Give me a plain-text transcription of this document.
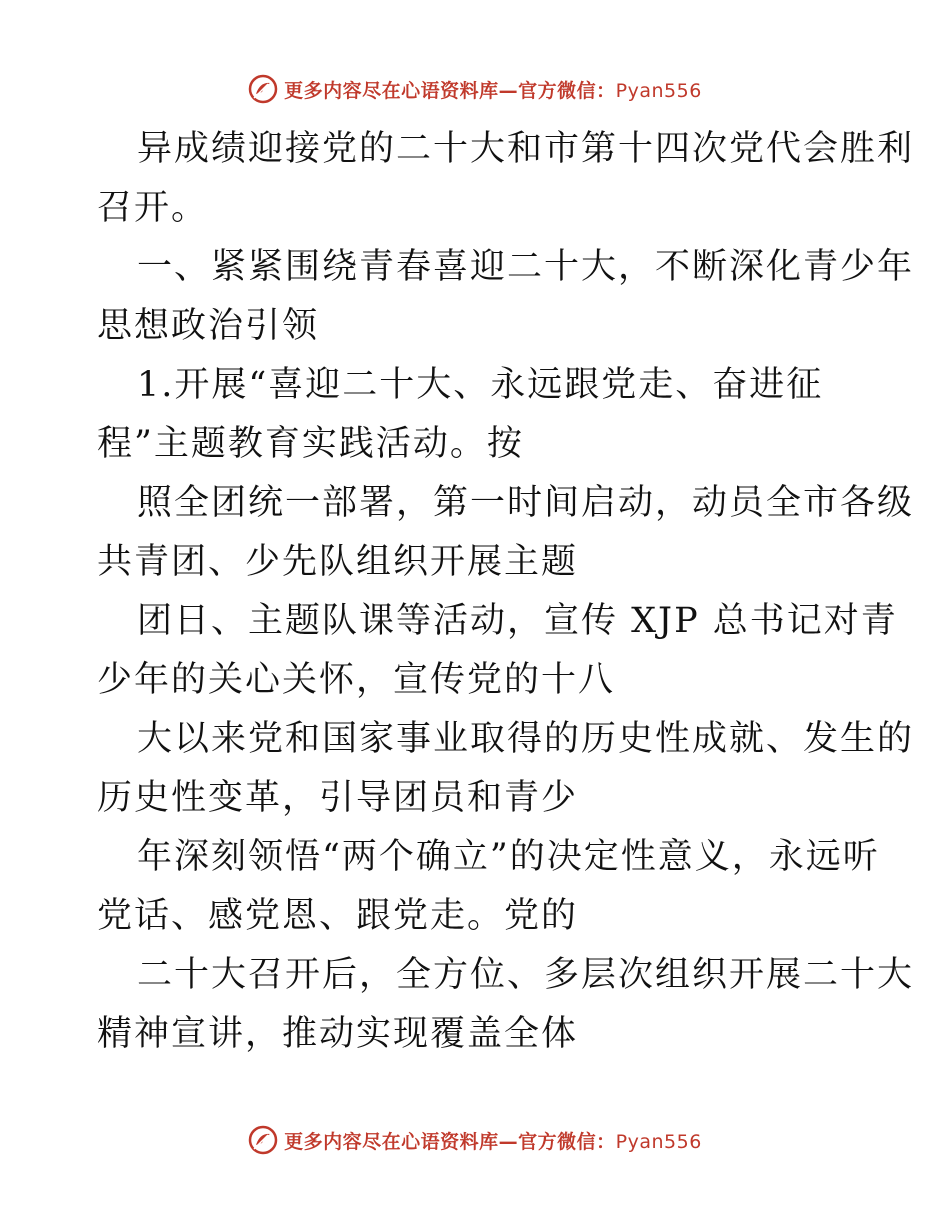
更多内容尽在心语资料库—官方微信：Pyan556
异成绩迎接党的二十大和市第十四次党代会胜利
召开。
一、紧紧围绕青春喜迎二十大，不断深化青少年
思想政治引领
1.开展“喜迎二十大、永远跟党走、奋进征
程”主题教育实践活动。按
照全团统一部署，第一时间启动，动员全市各级
共青团、少先队组织开展主题
团日、主题队课等活动，宣传 XJP 总书记对青
少年的关心关怀，宣传党的十八
大以来党和国家事业取得的历史性成就、发生的
历史性变革，引导团员和青少
年深刻领悟“两个确立”的决定性意义，永远听
党话、感党恩、跟党走。党的
二十大召开后，全方位、多层次组织开展二十大
精神宣讲，推动实现覆盖全体
更多内容尽在心语资料库—官方微信：Pyan556
